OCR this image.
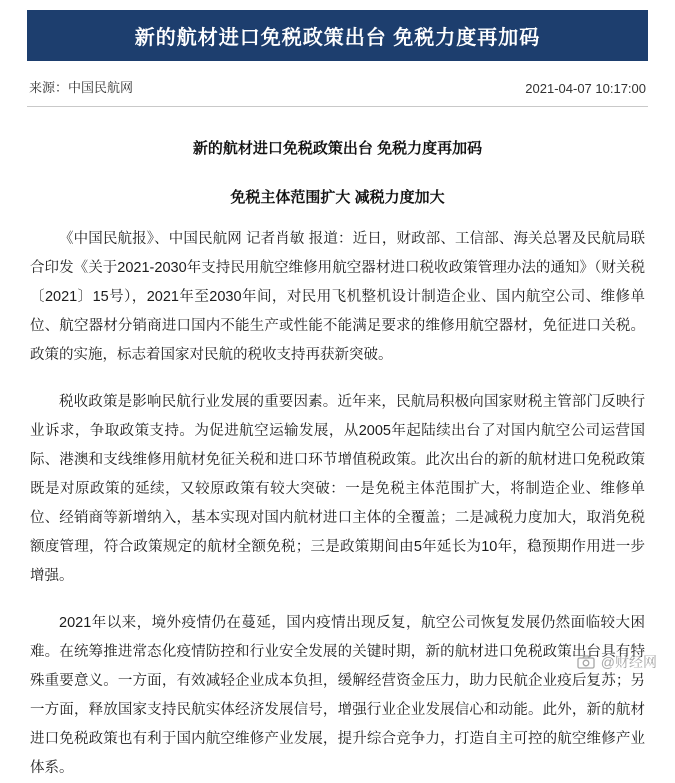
新的航材进口免税政策出台 免税力度再加码
来源：中国民航网	2021-04-07 10:17:00
新的航材进口免税政策出台 免税力度再加码
免税主体范围扩大 减税力度加大

《中国民航报》、中国民航网 记者肖敏 报道：近日，财政部、工信部、海关总署及民航局联合印发《关于2021-2030年支持民用航空维修用航空器材进口税收政策管理办法的通知》（财关税〔2021〕15号），2021年至2030年间，对民用飞机整机设计制造企业、国内航空公司、维修单位、航空器材分销商进口国内不能生产或性能不能满足要求的维修用航空器材，免征进口关税。政策的实施，标志着国家对民航的税收支持再获新突破。

税收政策是影响民航行业发展的重要因素。近年来，民航局积极向国家财税主管部门反映行业诉求，争取政策支持。为促进航空运输发展，从2005年起陆续出台了对国内航空公司运营国际、港澳和支线维修用航材免征关税和进口环节增值税政策。此次出台的新的航材进口免税政策既是对原政策的延续，又较原政策有较大突破：一是免税主体范围扩大，将制造企业、维修单位、经销商等新增纳入，基本实现对国内航材进口主体的全覆盖；二是减税力度加大，取消免税额度管理，符合政策规定的航材全额免税；三是政策期间由5年延长为10年，稳预期作用进一步增强。

2021年以来，境外疫情仍在蔓延，国内疫情出现反复，航空公司恢复发展仍然面临较大困难。在统筹推进常态化疫情防控和行业安全发展的关键时期，新的航材进口免税政策出台具有特殊重要意义。一方面，有效减轻企业成本负担，缓解经营资金压力，助力民航企业疫后复苏；另一方面，释放国家支持民航实体经济发展信号，增强行业企业发展信心和动能。此外，新的航材进口免税政策也有利于国内航空维修产业发展，提升综合竞争力，打造自主可控的航空维修产业体系。

@财经网
